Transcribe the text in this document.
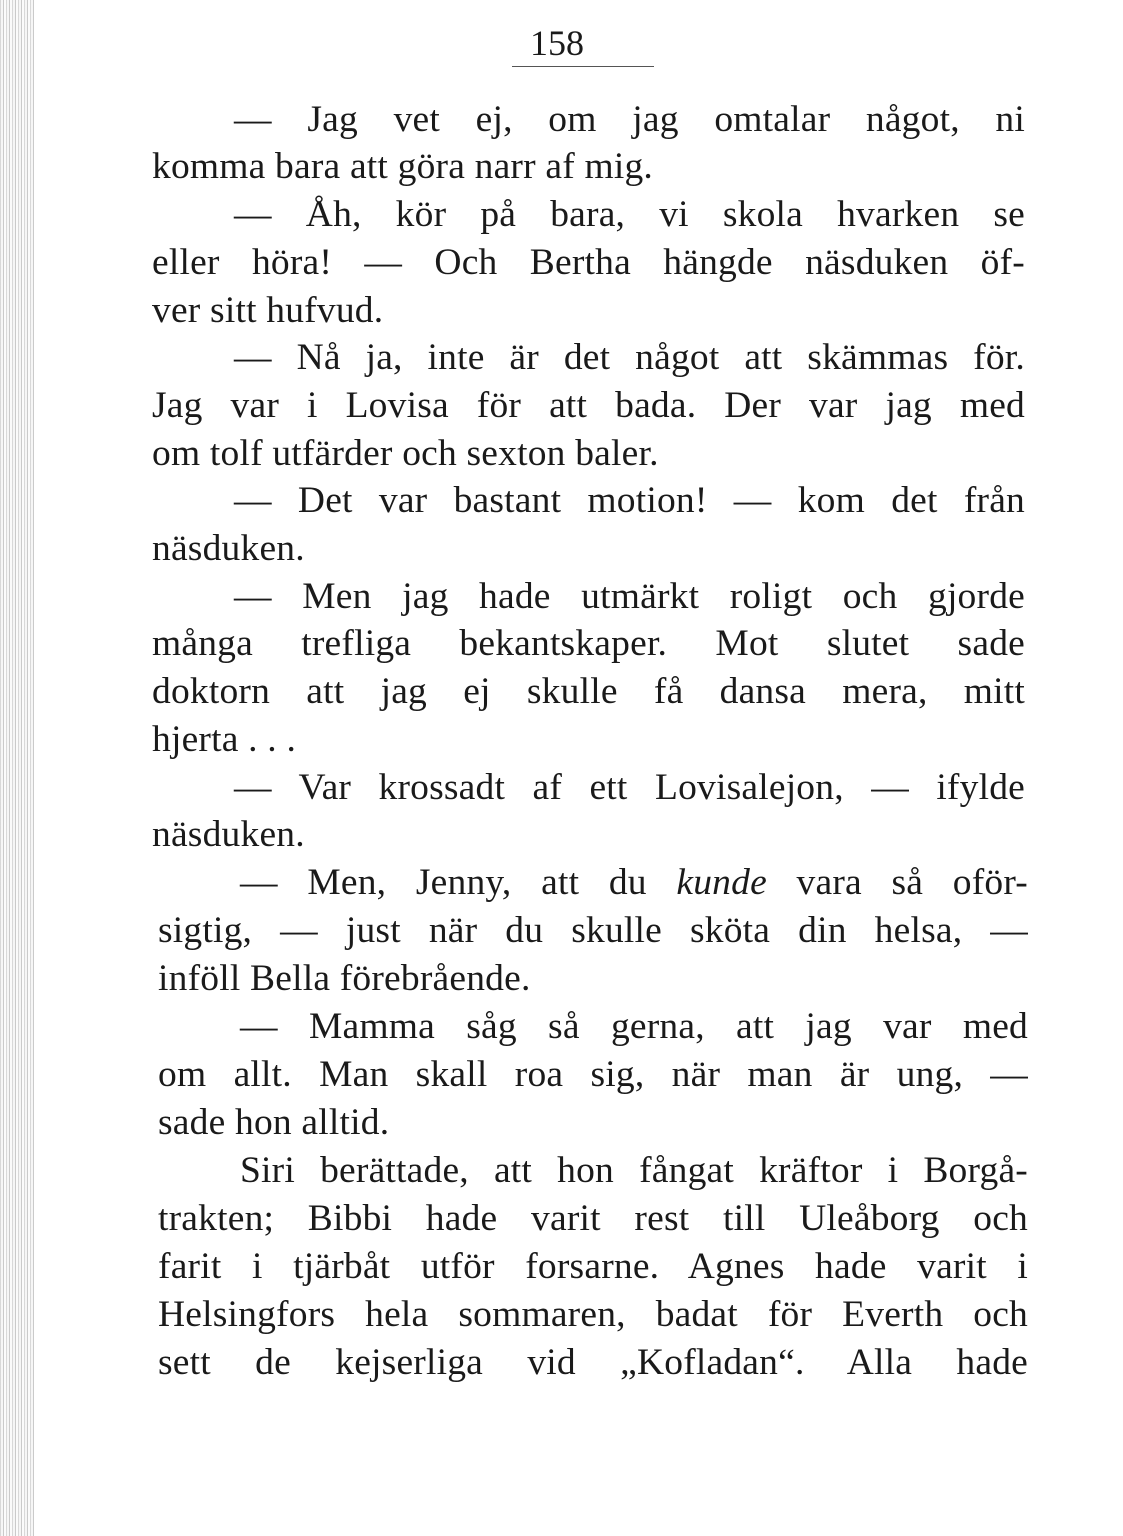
158
— Jag vet ej, om jag omtalar något, ni
komma bara att göra narr af mig.
— Åh, kör på bara, vi skola hvarken se
eller höra! — Och Bertha hängde näsduken öf-
ver sitt hufvud.
— Nå ja, inte är det något att skämmas för.
Jag var i Lovisa för att bada. Der var jag med
om tolf utfärder och sexton baler.
— Det var bastant motion! — kom det från
näsduken.
— Men jag hade utmärkt roligt och gjorde
många trefliga bekantskaper. Mot slutet sade
doktorn att jag ej skulle få dansa mera, mitt
hjerta . . .
— Var krossadt af ett Lovisalejon, — ifylde
näsduken.
— Men, Jenny, att du kunde vara så oför-
sigtig, — just när du skulle sköta din helsa, —
inföll Bella förebrående.
— Mamma såg så gerna, att jag var med
om allt. Man skall roa sig, när man är ung, —
sade hon alltid.
Siri berättade, att hon fångat kräftor i Borgå-
trakten; Bibbi hade varit rest till Uleåborg och
farit i tjärbåt utför forsarne. Agnes hade varit i
Helsingfors hela sommaren, badat för Everth och
sett de kejserliga vid „Kofladan“. Alla hade
